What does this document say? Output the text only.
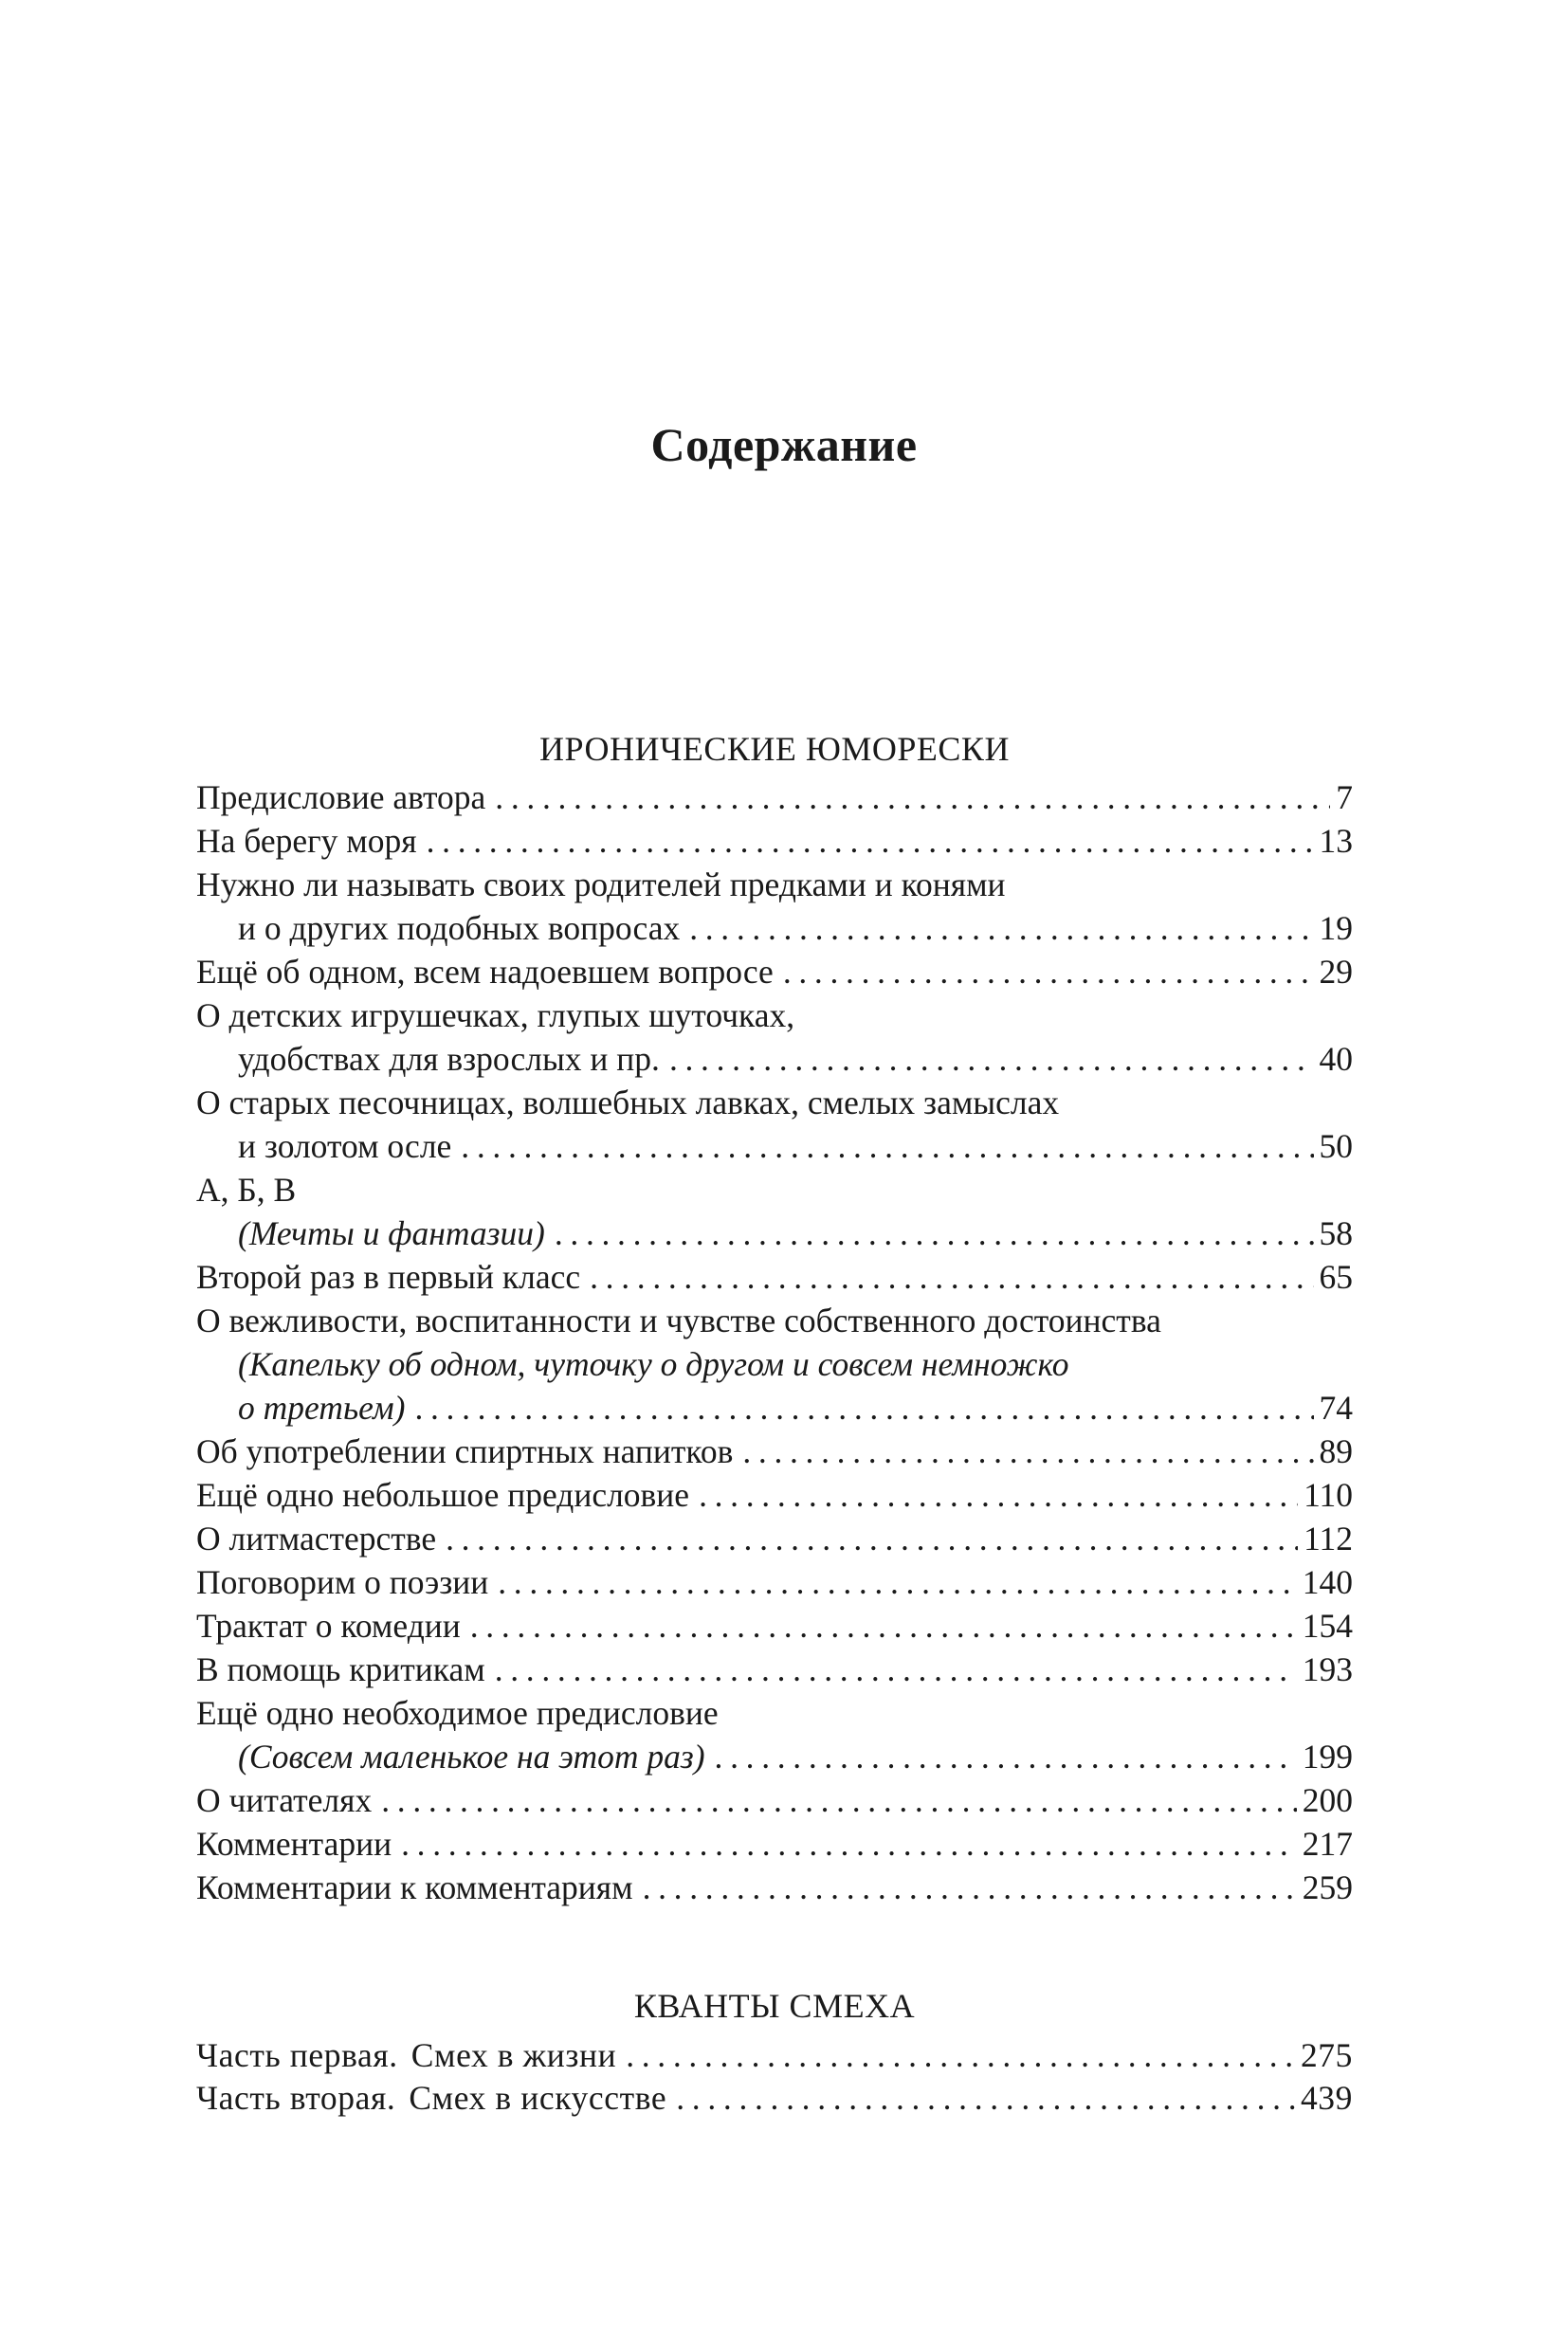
Содержание
ИРОНИЧЕСКИЕ ЮМОРЕСКИ
Предисловие автора . . .	7
На берегу моря . . .	13
Нужно ли называть своих родителей предками и конями
и о других подобных вопросах . . .	19
Ещё об одном, всем надоевшем вопросе . . .	29
О детских игрушечках, глупых шуточках,
удобствах для взрослых и пр. . . .	40
О старых песочницах, волшебных лавках, смелых замыслах
и золотом осле . . .	50
А, Б, В
(Мечты и фантазии) . . .	58
Второй раз в первый класс . . .	65
О вежливости, воспитанности и чувстве собственного достоинства
(Капельку об одном, чуточку о другом и совсем немножко
о третьем) . . .	74
Об употреблении спиртных напитков . . .	89
Ещё одно небольшое предисловие . . .	110
О литмастерстве . . .	112
Поговорим о поэзии . . .	140
Трактат о комедии . . .	154
В помощь критикам . . .	193
Ещё одно необходимое предисловие
(Совсем маленькое на этот раз) . . .	199
О читателях . . .	200
Комментарии . . .	217
Комментарии к комментариям . . .	259
КВАНТЫ СМЕХА
Часть первая. Смех в жизни . . .	275
Часть вторая. Смех в искусстве . . .	439
